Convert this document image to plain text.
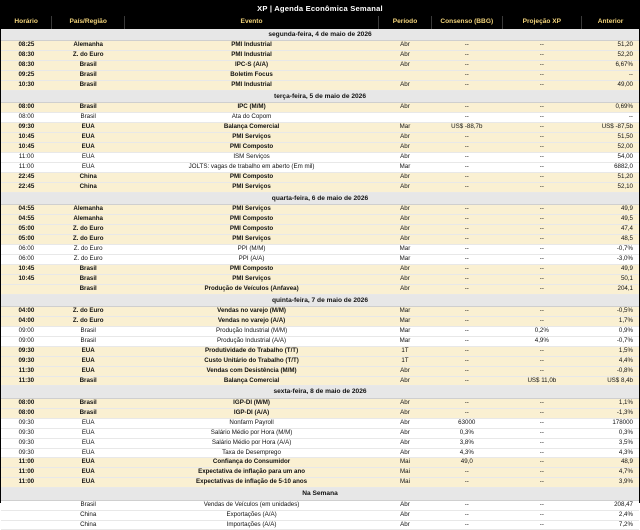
XP | Agenda Econômica Semanal
Horário	País/Região	Evento	Período	Consenso (BBG)	Projeção XP	Anterior
segunda-feira, 4 de maio de 2026						
08:25	Alemanha	PMI Industrial	Abr	--	--	51,20
08:30	Z. do Euro	PMI Industrial	Abr	--	--	52,20
08:30	Brasil	IPC-S (A/A)	Abr	--	--	6,67%
09:25	Brasil	Boletim Focus		--	--	--
10:30	Brasil	PMI Industrial	Abr	--	--	49,00
terça-feira, 5 de maio de 2026						
08:00	Brasil	IPC (M/M)	Abr	--	--	0,69%
08:00	Brasil	Ata do Copom		--	--	--
09:30	EUA	Balança Comercial	Mar	US$ -88,7b	--	US$ -87,5b
10:45	EUA	PMI Serviços	Abr	--	--	51,50
10:45	EUA	PMI Composto	Abr	--	--	52,00
11:00	EUA	ISM Serviços	Abr	--	--	54,00
11:00	EUA	JOLTS: vagas de trabalho em aberto (Em mil)	Mar	--	--	6882,0
22:45	China	PMI Composto	Abr	--	--	51,20
22:45	China	PMI Serviços	Abr	--	--	52,10
quarta-feira, 6 de maio de 2026						
04:55	Alemanha	PMI Serviços	Abr	--	--	49,9
04:55	Alemanha	PMI Composto	Abr	--	--	49,5
05:00	Z. do Euro	PMI Composto	Abr	--	--	47,4
05:00	Z. do Euro	PMI Serviços	Abr	--	--	48,5
06:00	Z. do Euro	PPI (M/M)	Mar	--	--	-0,7%
06:00	Z. do Euro	PPI (A/A)	Mar	--	--	-3,0%
10:45	Brasil	PMI Composto	Abr	--	--	49,9
10:45	Brasil	PMI Serviços	Abr	--	--	50,1
	Brasil	Produção de Veículos (Anfavea)	Abr	--	--	204,1
quinta-feira, 7 de maio de 2026						
04:00	Z. do Euro	Vendas no varejo (M/M)	Mar	--	--	-0,5%
04:00	Z. do Euro	Vendas no varejo (A/A)	Mar	--	--	1,7%
09:00	Brasil	Produção Industrial (M/M)	Mar	--	0,2%	0,9%
09:00	Brasil	Produção Industrial (A/A)	Mar	--	4,9%	-0,7%
09:30	EUA	Produtividade do Trabalho (T/T)	1T	--	--	1,5%
09:30	EUA	Custo Unitário do Trabalho (T/T)	1T	--	--	4,4%
11:30	EUA	Vendas com Desistência (M/M)	Abr	--	--	-0,8%
11:30	Brasil	Balança Comercial	Abr	--	US$ 11,0b	US$ 8,4b
sexta-feira, 8 de maio de 2026						
08:00	Brasil	IGP-DI (M/M)	Abr	--	--	1,1%
08:00	Brasil	IGP-DI (A/A)	Abr	--	--	-1,3%
09:30	EUA	Nonfarm Payroll	Abr	63000	--	178000
09:30	EUA	Salário Médio por Hora (M/M)	Abr	0,3%	--	0,3%
09:30	EUA	Salário Médio por Hora (A/A)	Abr	3,8%	--	3,5%
09:30	EUA	Taxa de Desemprego	Abr	4,3%	--	4,3%
11:00	EUA	Confiança do Consumidor	Mai	49,0	--	48,9
11:00	EUA	Expectativa de inflação para um ano	Mai	--	--	4,7%
11:00	EUA	Expectativas de inflação de 5-10 anos	Mai	--	--	3,9%
Na Semana						
	Brasil	Vendas de Veículos (em unidades)	Abr	--	--	208,47
	China	Exportações (A/A)	Abr	--	--	2,4%
	China	Importações (A/A)	Abr	--	--	7,2%
